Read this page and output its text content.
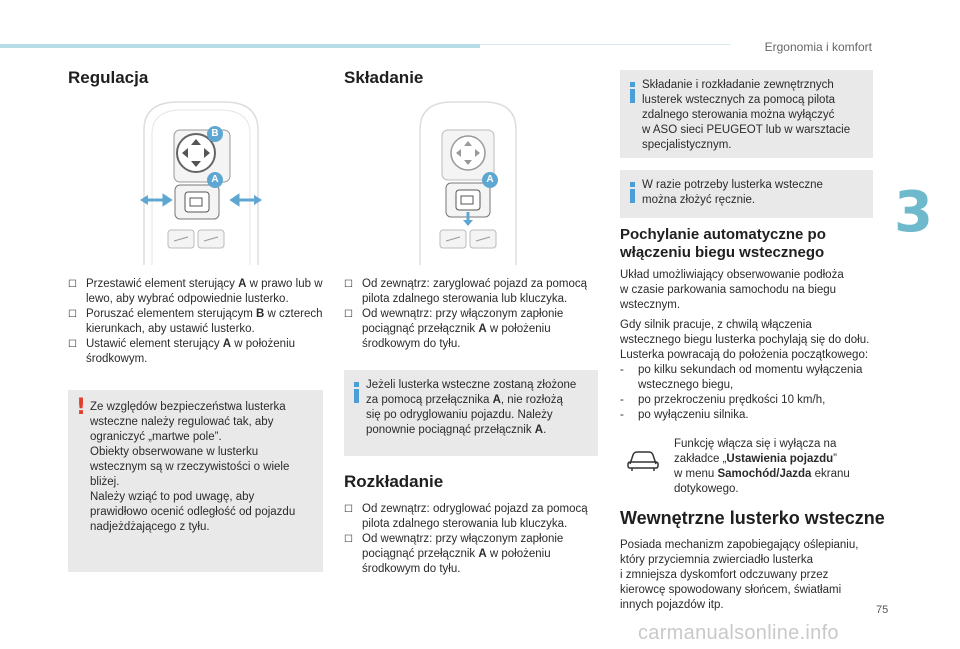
Ergonomia i komfort
3
Regulacja
B
A
☐ Przestawić element sterujący A w prawo lub w lewo, aby wybrać odpowiednie lusterko.
☐ Poruszać elementem sterującym B w czterech kierunkach, aby ustawić lusterko.
☐ Ustawić element sterujący A w położeniu środkowym.
! Ze względów bezpieczeństwa lusterka
wsteczne należy regulować tak, aby
ograniczyć „martwe pole”.
Obiekty obserwowane w lusterku
wstecznym są w rzeczywistości o wiele
bliżej.
Należy wziąć to pod uwagę, aby
prawidłowo ocenić odległość od pojazdu
nadjeżdżającego z tyłu.
Składanie
A
☐ Od zewnątrz: zaryglować pojazd za pomocą pilota zdalnego sterowania lub kluczyka.
☐ Od wewnątrz: przy włączonym zapłonie pociągnąć przełącznik A w położeniu środkowym do tyłu.
Jeżeli lusterka wsteczne zostaną złożone
za pomocą przełącznika A, nie rozłożą
się po odryglowaniu pojazdu. Należy
ponownie pociągnąć przełącznik A.
Rozkładanie
☐ Od zewnątrz: odryglować pojazd za pomocą pilota zdalnego sterowania lub kluczyka.
☐ Od wewnątrz: przy włączonym zapłonie pociągnąć przełącznik A w położeniu środkowym do tyłu.
Składanie i rozkładanie zewnętrznych
lusterek wstecznych za pomocą pilota
zdalnego sterowania można wyłączyć
w ASO sieci PEUGEOT lub w warsztacie
specjalistycznym.
W razie potrzeby lusterka wsteczne
można złożyć ręcznie.
Pochylanie automatyczne po
włączeniu biegu wstecznego
Układ umożliwiający obserwowanie podłoża
w czasie parkowania samochodu na biegu
wstecznym.
Gdy silnik pracuje, z chwilą włączenia
wstecznego biegu lusterka pochylają się do dołu.
Lusterka powracają do położenia początkowego:
- po kilku sekundach od momentu wyłączenia
wstecznego biegu,
- po przekroczeniu prędkości 10 km/h,
- po wyłączeniu silnika.
Funkcję włącza się i wyłącza na
zakładce „Ustawienia pojazdu”
w menu Samochód/Jazda ekranu
dotykowego.
Wewnętrzne lusterko wsteczne
Posiada mechanizm zapobiegający oślepianiu,
który przyciemnia zwierciadło lusterka
i zmniejsza dyskomfort odczuwany przez
kierowcę spowodowany słońcem, światłami
innych pojazdów itp.	75
carmanualsonline.info
